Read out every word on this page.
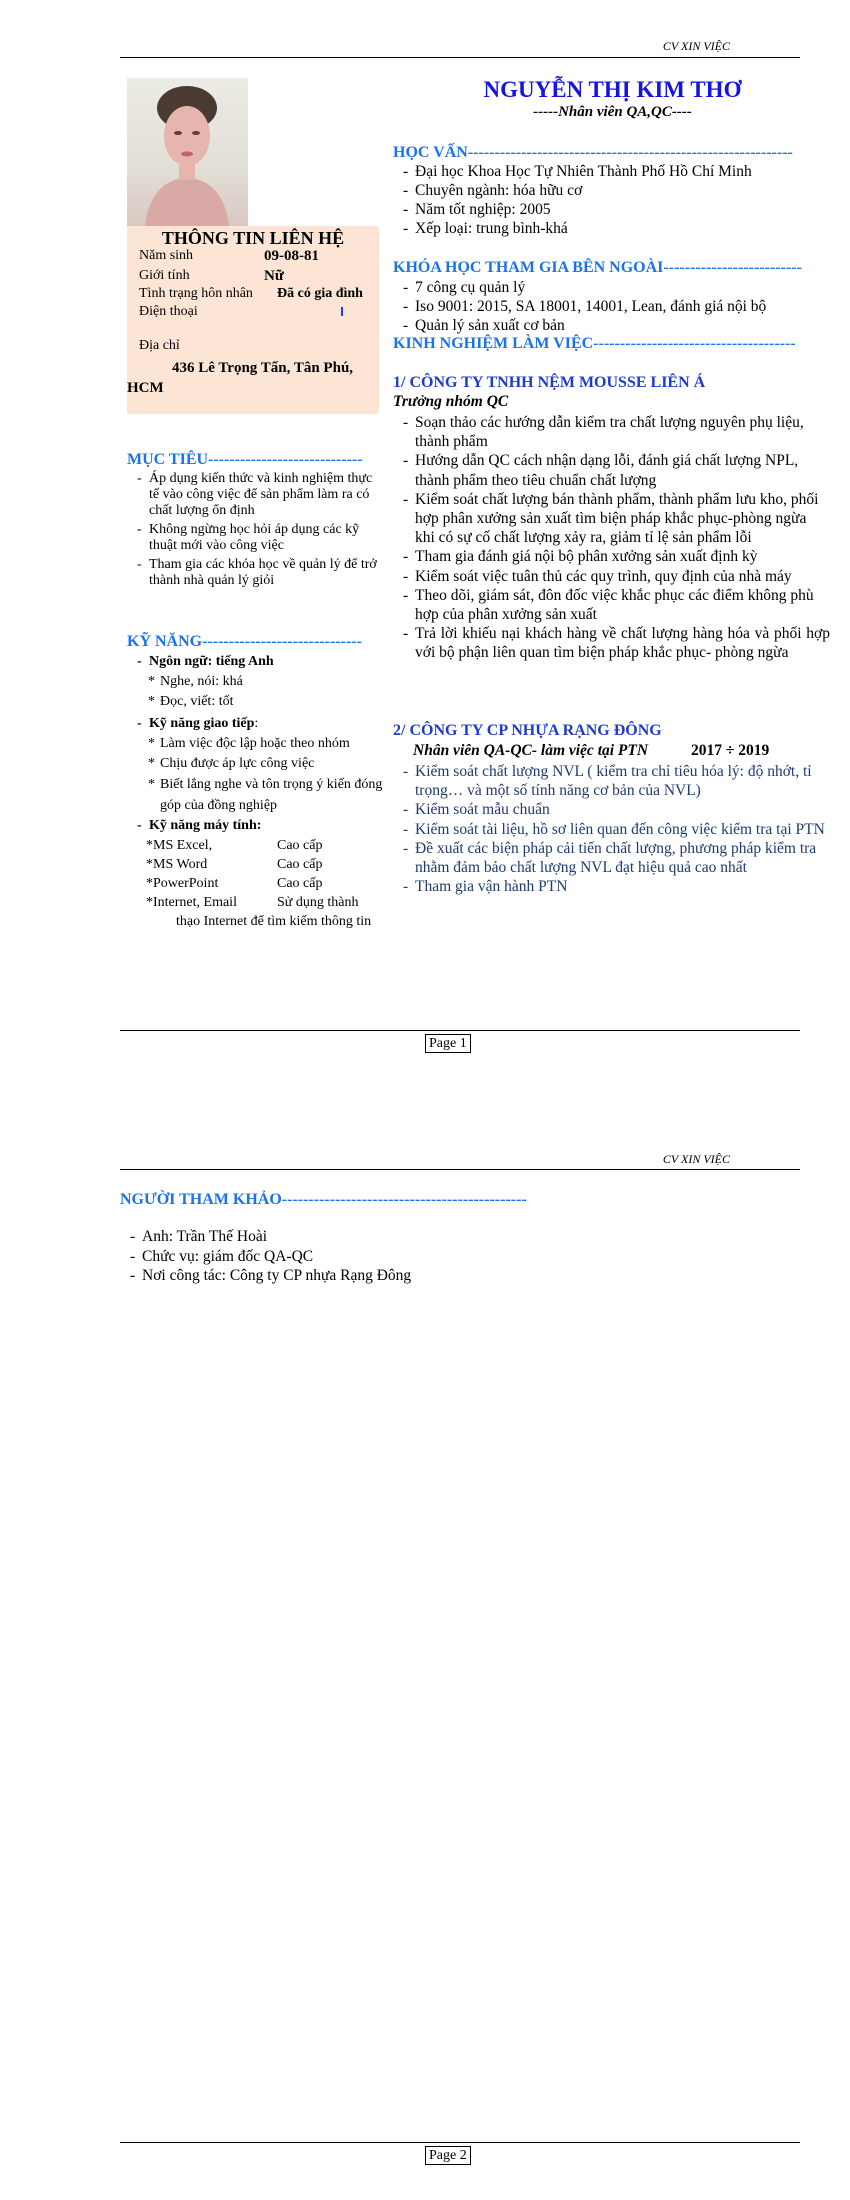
CV XIN VIỆC
THÔNG TIN LIÊN HỆ
Năm sinh	09-08-81
Giới tính	Nữ
Tình trạng hôn nhân Đã có gia đình
Điện thoại
Địa chỉ
436 Lê Trọng Tấn, Tân Phú, HCM
MỤC TIÊU-----------------------------
- Áp dụng kiến thức và kinh nghiệm thực tế vào công việc để sản phẩm làm ra có chất lượng ổn định
- Không ngừng học hỏi áp dụng các kỹ thuật mới vào công việc
- Tham gia các khóa học về quản lý để trở thành nhà quản lý giỏi
KỸ NĂNG------------------------------
- Ngôn ngữ: tiếng Anh
* Nghe, nói: khá
* Đọc, viết: tốt
- Kỹ năng giao tiếp:
* Làm việc độc lập hoặc theo nhóm
* Chịu được áp lực công việc
* Biết lắng nghe và tôn trọng ý kiến đóng góp của đồng nghiệp
- Kỹ năng máy tính:
*MS Excel,	Cao cấp
*MS Word	Cao cấp
*PowerPoint	Cao cấp
*Internet, Email	Sử dụng thành thạo Internet để tìm kiếm thông tin
NGUYỄN THỊ KIM THƠ
-----Nhân viên QA,QC----
HỌC VẤN-------------------------------------------------------------
- Đại học Khoa Học Tự Nhiên Thành Phố Hồ Chí Minh
- Chuyên ngành: hóa hữu cơ
- Năm tốt nghiệp: 2005
- Xếp loại: trung bình-khá
KHÓA HỌC THAM GIA BÊN NGOÀI--------------------------
- 7 công cụ quản lý
- Iso 9001: 2015, SA 18001, 14001, Lean, đánh giá nội bộ
- Quản lý sản xuất cơ bản
KINH NGHIỆM LÀM VIỆC--------------------------------------
1/ CÔNG TY TNHH NỆM MOUSSE LIÊN Á
Trưởng nhóm QC
- Soạn thảo các hướng dẫn kiểm tra chất lượng nguyên phụ liệu, thành phẩm
- Hướng dẫn QC cách nhận dạng lỗi, đánh giá chất lượng NPL, thành phẩm theo tiêu chuẩn chất lượng
- Kiểm soát chất lượng bán thành phẩm, thành phẩm lưu kho, phối hợp phân xưởng sản xuất tìm biện pháp khắc phục-phòng ngừa khi có sự cố chất lượng xảy ra, giảm tỉ lệ sản phẩm lỗi
- Tham gia đánh giá nội bộ phân xưởng sản xuất định kỳ
- Kiểm soát việc tuân thủ các quy trình, quy định của nhà máy
- Theo dõi, giám sát, đôn đốc việc khắc phục các điểm không phù hợp của phân xưởng sản xuất
- Trả lời khiếu nại khách hàng về chất lượng hàng hóa và phối hợp với bộ phận liên quan tìm biện pháp khắc phục- phòng ngừa
2/ CÔNG TY CP NHỰA RẠNG ĐÔNG
Nhân viên QA-QC- làm việc tại PTN	2017 ÷ 2019
- Kiểm soát chất lượng NVL ( kiểm tra chỉ tiêu hóa lý: độ nhớt, tỉ trọng… và một số tính năng cơ bản của NVL)
- Kiểm soát mẫu chuẩn
- Kiểm soát tài liệu, hồ sơ liên quan đến công việc kiểm tra tại PTN
- Đề xuất các biện pháp cải tiến chất lượng, phương pháp kiểm tra nhằm đảm bảo chất lượng NVL đạt hiệu quả cao nhất
- Tham gia vận hành PTN
Page 1
CV XIN VIỆC
NGƯỜI THAM KHẢO----------------------------------------------
- Anh: Trần Thế Hoài
- Chức vụ: giám đốc QA-QC
- Nơi công tác: Công ty CP nhựa Rạng Đông
Page 2
